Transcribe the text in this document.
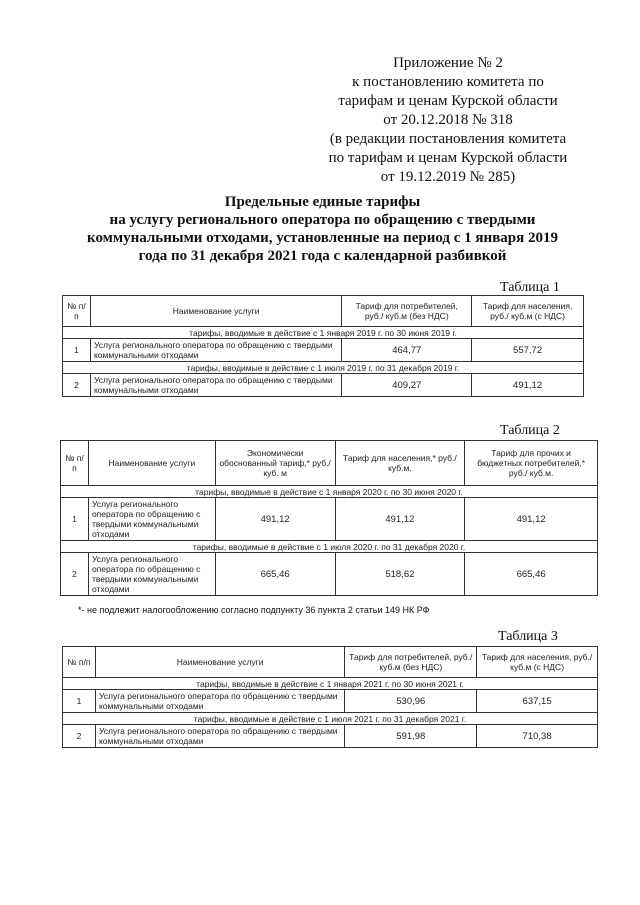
Приложение № 2
к постановлению комитета по
тарифам и ценам Курской области
от 20.12.2018 № 318
(в редакции постановления комитета
по тарифам и ценам Курской области
от 19.12.2019 № 285)
Предельные единые тарифы
на услугу регионального оператора по обращению с твердыми
коммунальными отходами, установленные на период с 1 января 2019
года по 31 декабря 2021 года с календарной разбивкой
Таблица 1
№ п/п	Наименование услуги	Тариф для потребителей, руб./ куб.м (без НДС)	Тариф для населения, руб./ куб.м (с НДС)
тарифы, вводимые в действие с 1 января 2019 г. по 30 июня 2019 г.			
1	Услуга регионального оператора по обращению с твердыми коммунальными отходами	464,77	557,72
тарифы, вводимые в действие с 1 июля 2019 г. по 31 декабря 2019 г.			
2	Услуга регионального оператора по обращению с твердыми коммунальными отходами	409,27	491,12
Таблица 2
№ п/п	Наименование услуги	Экономически обоснованный тариф,* руб./ куб. м	Тариф для населения,* руб./ куб.м.	Тариф для прочих и бюджетных потребителей,* руб./ куб.м.
тарифы, вводимые в действие с 1 января 2020 г. по 30 июня 2020 г.				
1	Услуга регионального оператора по обращению с твердыми коммунальными отходами	491,12	491,12	491,12
тарифы, вводимые в действие с 1 июля 2020 г. по 31 декабря 2020 г.				
2	Услуга регионального оператора по обращению с твердыми коммунальными отходами	665,46	518,62	665,46
*- не подлежит налогообложению согласно подпункту 36 пункта 2 статьи 149 НК РФ
Таблица 3
№ п/п	Наименование услуги	Тариф для потребителей, руб./ куб.м (без НДС)	Тариф для населения, руб./ куб.м (с НДС)
тарифы, вводимые в действие с 1 января 2021 г. по 30 июня 2021 г.			
1	Услуга регионального оператора по обращению с твердыми коммунальными отходами	530,96	637,15
тарифы, вводимые в действие с 1 июля 2021 г. по 31 декабря 2021 г.			
2	Услуга регионального оператора по обращению с твердыми коммунальными отходами	591,98	710,38
